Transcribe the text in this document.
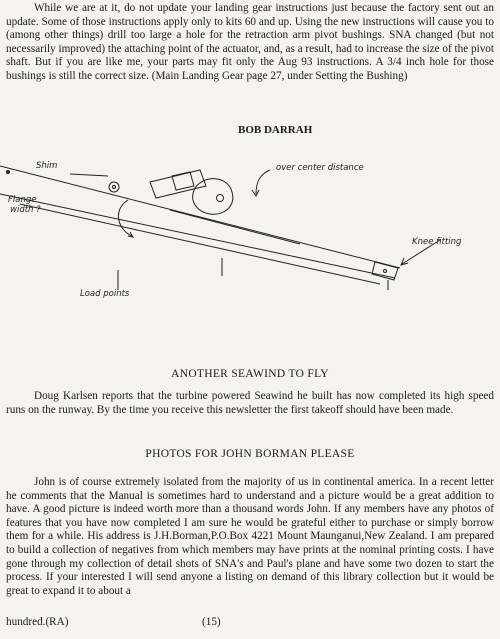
While we are at it, do not update your landing gear instructions just because the factory sent out an update. Some of those instructions apply only to kits 60 and up. Using the new instructions will cause you to (among other things) drill too large a hole for the retraction arm pivot bushings. SNA changed (but not necessarily improved) the attaching point of the actuator, and, as a result, had to increase the size of the pivot shaft. But if you are like me, your parts may fit only the Aug 93 instructions. A 3/4 inch hole for those bushings is still the correct size. (Main Landing Gear page 27, under Setting the Bushing)

BOB DARRAH

Shim	over center distance
Flange
width ?
Knee fitting
Load points

ANOTHER SEAWIND TO FLY

Doug Karlsen reports that the turbine powered Seawind he built has now completed its high speed runs on the runway. By the time you receive this newsletter the first takeoff should have been made.

PHOTOS FOR JOHN BORMAN PLEASE

John is of course extremely isolated from the majority of us in continental america. In a recent letter he comments that the Manual is sometimes hard to understand and a picture would be a great addition to have. A good picture is indeed worth more than a thousand words John. If any members have any photos of features that you have now completed I am sure he would be grateful either to purchase or simply borrow them for a while. His address is J.H.Borman,P.O.Box 4221 Mount Maunganui,New Zealand. I am prepared to build a collection of negatives from which members may have prints at the nominal printing costs. I have gone through my collection of detail shots of SNA's and Paul's plane and have some two dozen to start the process. If your interested I will send anyone a listing on demand of this library collection but it would be great to expand it to about a

hundred.(RA)	(15)
